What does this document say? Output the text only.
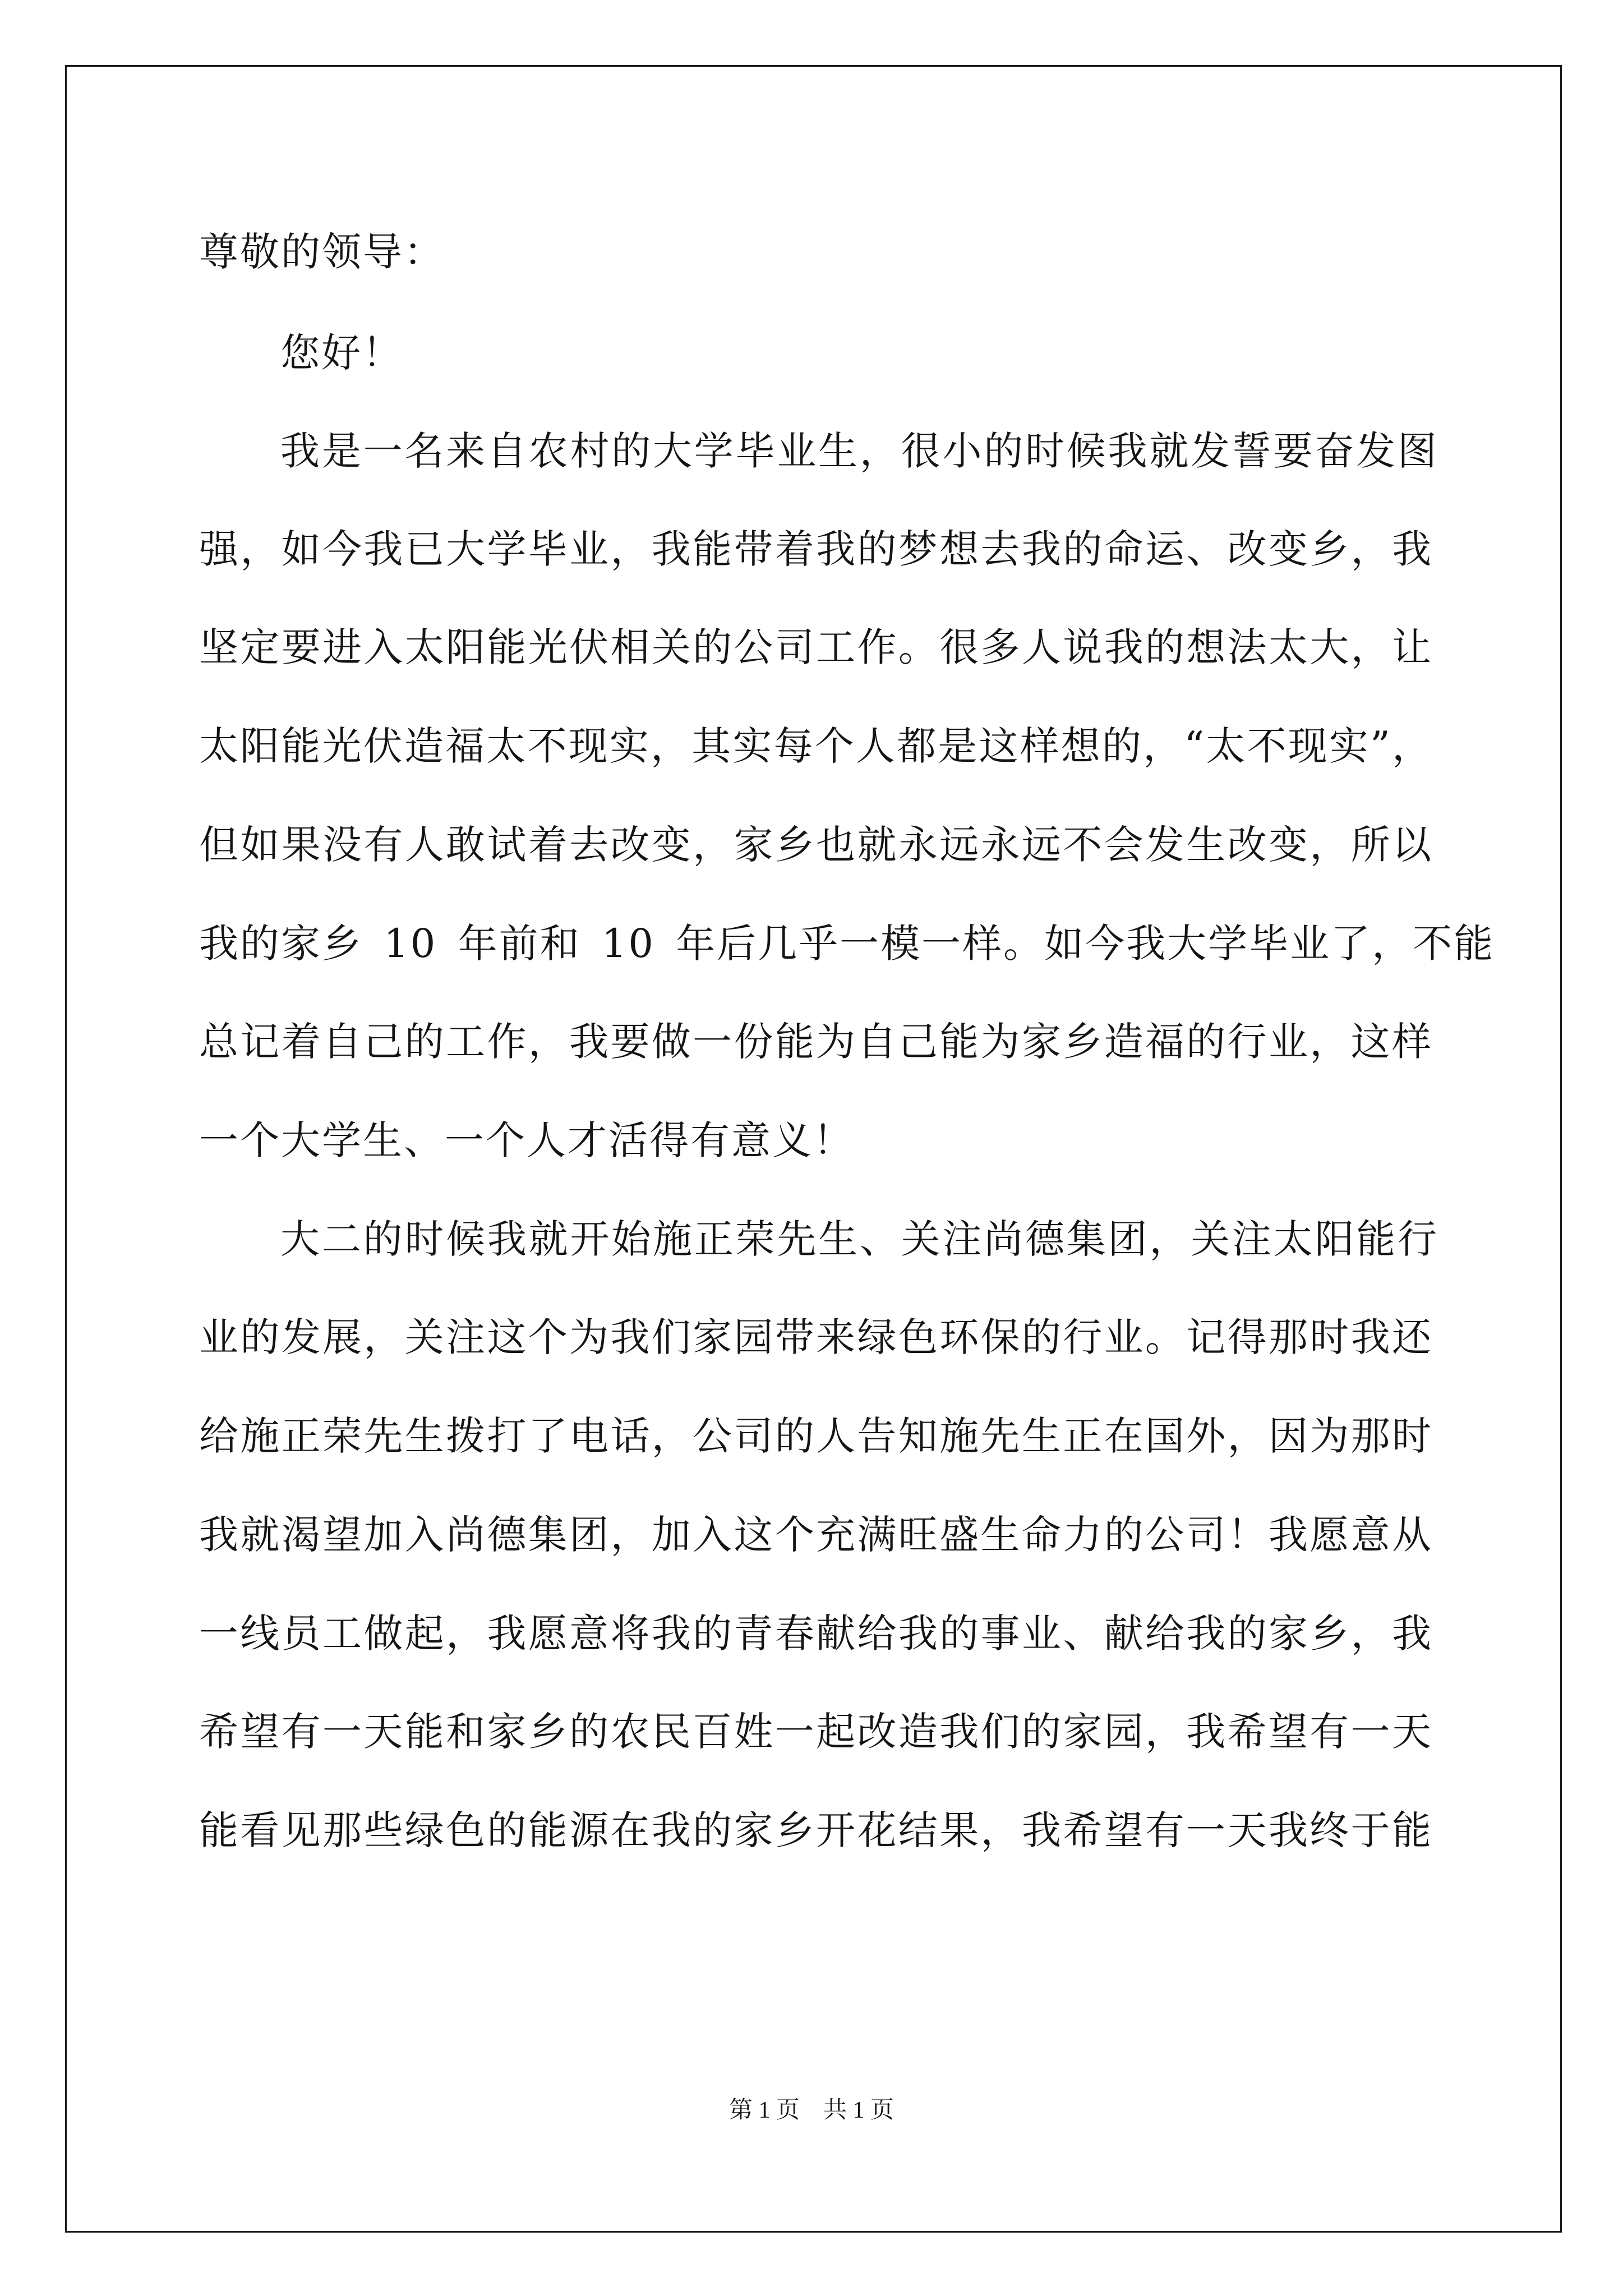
尊敬的领导：
您好！
我是一名来自农村的大学毕业生，很小的时候我就发誓要奋发图
强，如今我已大学毕业，我能带着我的梦想去我的命运、改变乡，我
坚定要进入太阳能光伏相关的公司工作。很多人说我的想法太大，让
太阳能光伏造福太不现实，其实每个人都是这样想的，“太不现实”，
但如果没有人敢试着去改变，家乡也就永远永远不会发生改变，所以
我的家乡 10 年前和 10 年后几乎一模一样。如今我大学毕业了，不能
总记着自己的工作，我要做一份能为自己能为家乡造福的行业，这样
一个大学生、一个人才活得有意义！
大二的时候我就开始施正荣先生、关注尚德集团，关注太阳能行
业的发展，关注这个为我们家园带来绿色环保的行业。记得那时我还
给施正荣先生拨打了电话，公司的人告知施先生正在国外，因为那时
我就渴望加入尚德集团，加入这个充满旺盛生命力的公司！我愿意从
一线员工做起，我愿意将我的青春献给我的事业、献给我的家乡，我
希望有一天能和家乡的农民百姓一起改造我们的家园，我希望有一天
能看见那些绿色的能源在我的家乡开花结果，我希望有一天我终于能
第 1 页    共 1 页
